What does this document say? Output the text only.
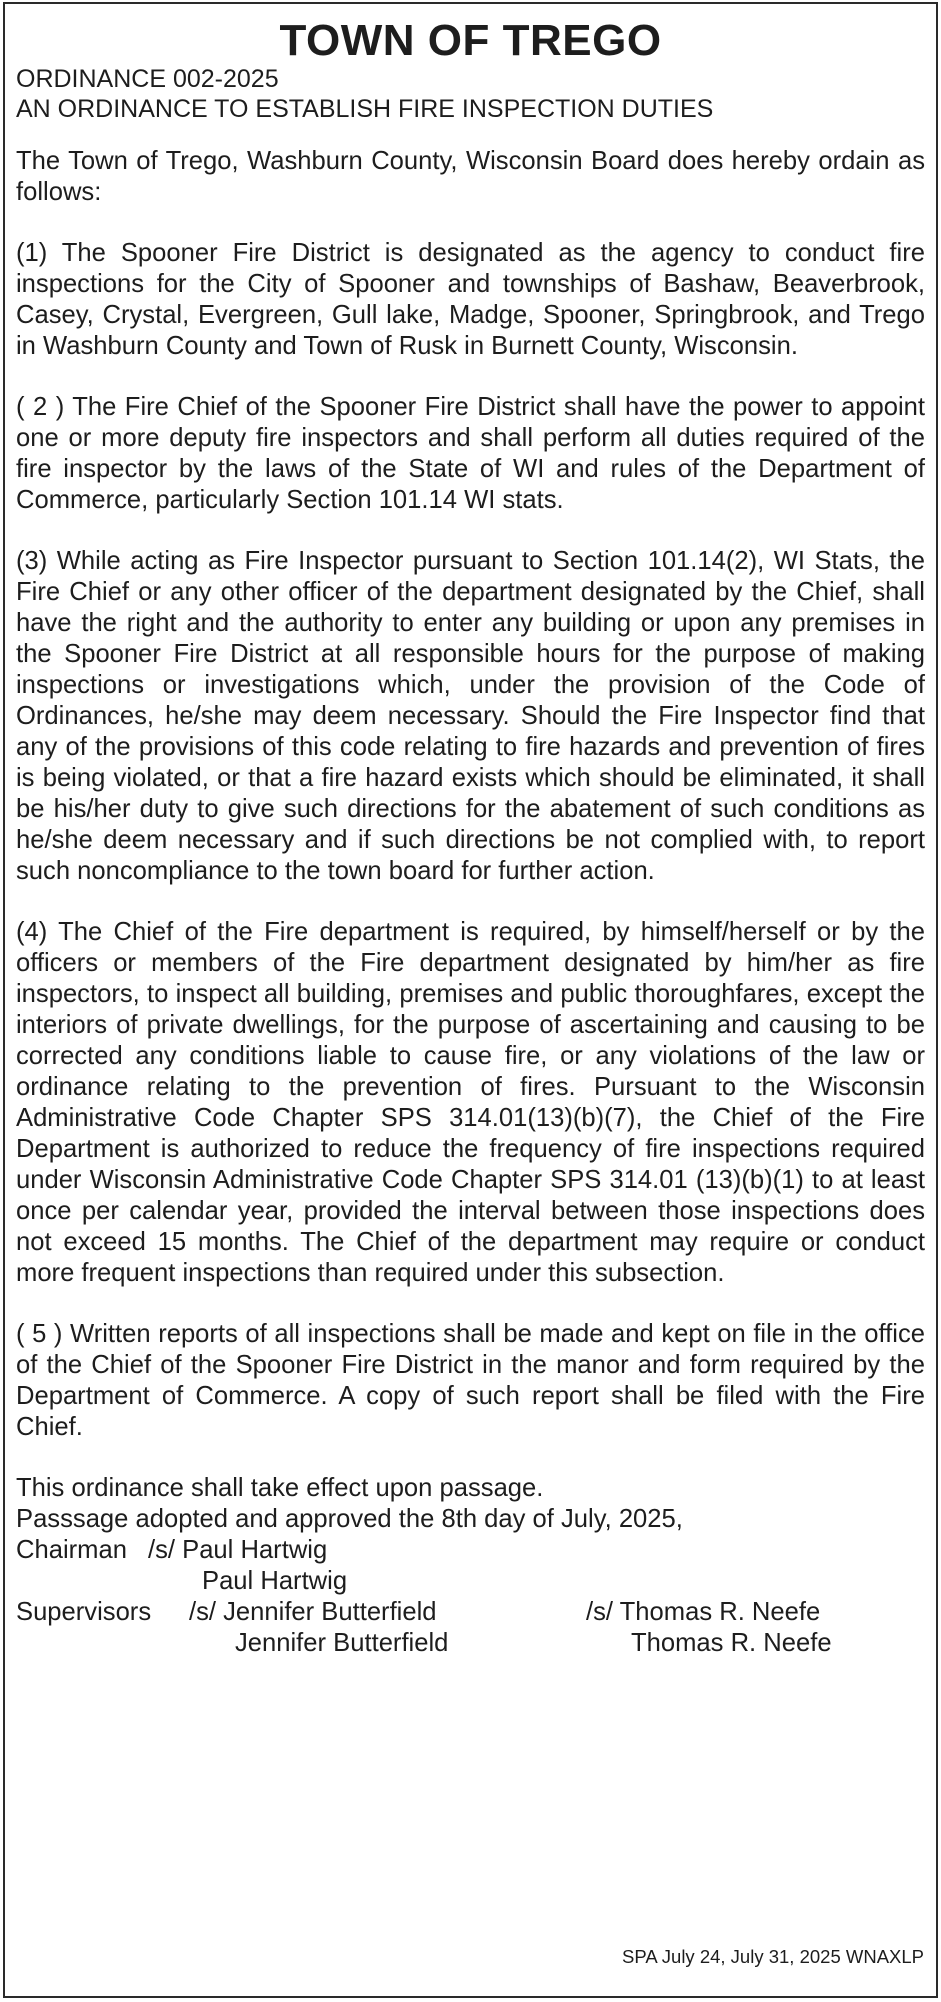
TOWN OF TREGO

ORDINANCE 002-2025

AN ORDINANCE TO ESTABLISH FIRE INSPECTION DUTIES

The Town of Trego, Washburn County, Wisconsin Board does hereby ordain as follows:

(1) The Spooner Fire District is designated as the agency to conduct fire inspections for the City of Spooner and townships of Bashaw, Beaverbrook, Casey, Crystal, Evergreen, Gull lake, Madge, Spooner, Springbrook, and Trego in Washburn County and Town of Rusk in Burnett County, Wisconsin.

( 2 ) The Fire Chief of the Spooner Fire District shall have the power to appoint one or more deputy fire inspectors and shall perform all duties required of the fire inspector by the laws of the State of WI and rules of the Department of Commerce, particularly Section 101.14 WI stats.

(3) While acting as Fire Inspector pursuant to Section 101.14(2), WI Stats, the Fire Chief or any other officer of the department designated by the Chief, shall have the right and the authority to enter any building or upon any premises in the Spooner Fire District at all responsible hours for the purpose of making inspections or investigations which, under the provision of the Code of Ordinances, he/she may deem necessary. Should the Fire Inspector find that any of the provisions of this code relating to fire hazards and prevention of fires is being violated, or that a fire hazard exists which should be eliminated, it shall be his/her duty to give such directions for the abatement of such conditions as he/she deem necessary and if such directions be not complied with, to report such noncompliance to the town board for further action.

(4) The Chief of the Fire department is required, by himself/herself or by the officers or members of the Fire department designated by him/her as fire inspectors, to inspect all building, premises and public thoroughfares, except the interiors of private dwellings, for the purpose of ascertaining and causing to be corrected any conditions liable to cause fire, or any violations of the law or ordinance relating to the prevention of fires. Pursuant to the Wisconsin Administrative Code Chapter SPS 314.01(13)(b)(7), the Chief of the Fire Department is authorized to reduce the frequency of fire inspections required under Wisconsin Administrative Code Chapter SPS 314.01 (13)(b)(1) to at least once per calendar year, provided the interval between those inspections does not exceed 15 months. The Chief of the department may require or conduct more frequent inspections than required under this subsection.

( 5 ) Written reports of all inspections shall be made and kept on file in the office of the Chief of the Spooner Fire District in the manor and form required by the Department of Commerce. A copy of such report shall be filed with the Fire Chief.

This ordinance shall take effect upon passage.

Passsage adopted and approved the 8th day of July, 2025,

Chairman /s/ Paul Hartwig
Paul Hartwig
Supervisors /s/ Jennifer Butterfield	/s/ Thomas R. Neefe
Jennifer Butterfield	Thomas R. Neefe
SPA July 24, July 31, 2025 WNAXLP
